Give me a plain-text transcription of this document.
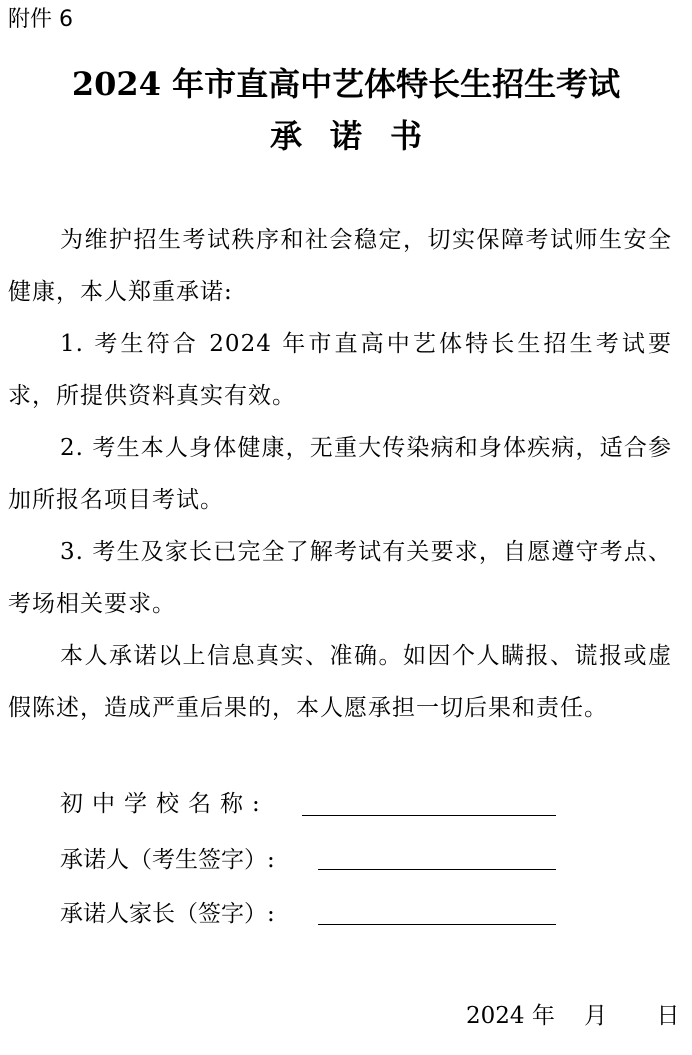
附件 6
2024 年市直高中艺体特长生招生考试
承诺书

为维护招生考试秩序和社会稳定，切实保障考试师生安全健康，本人郑重承诺:

1. 考生符合 2024 年市直高中艺体特长生招生考试要求，所提供资料真实有效。

2. 考生本人身体健康，无重大传染病和身体疾病，适合参加所报名项目考试。

3. 考生及家长已完全了解考试有关要求，自愿遵守考点、考场相关要求。

本人承诺以上信息真实、准确。如因个人瞒报、谎报或虚假陈述，造成严重后果的，本人愿承担一切后果和责任。

初中学校名称:
承诺人（考生签字）:
承诺人家长（签字）:
2024 年 月 日
